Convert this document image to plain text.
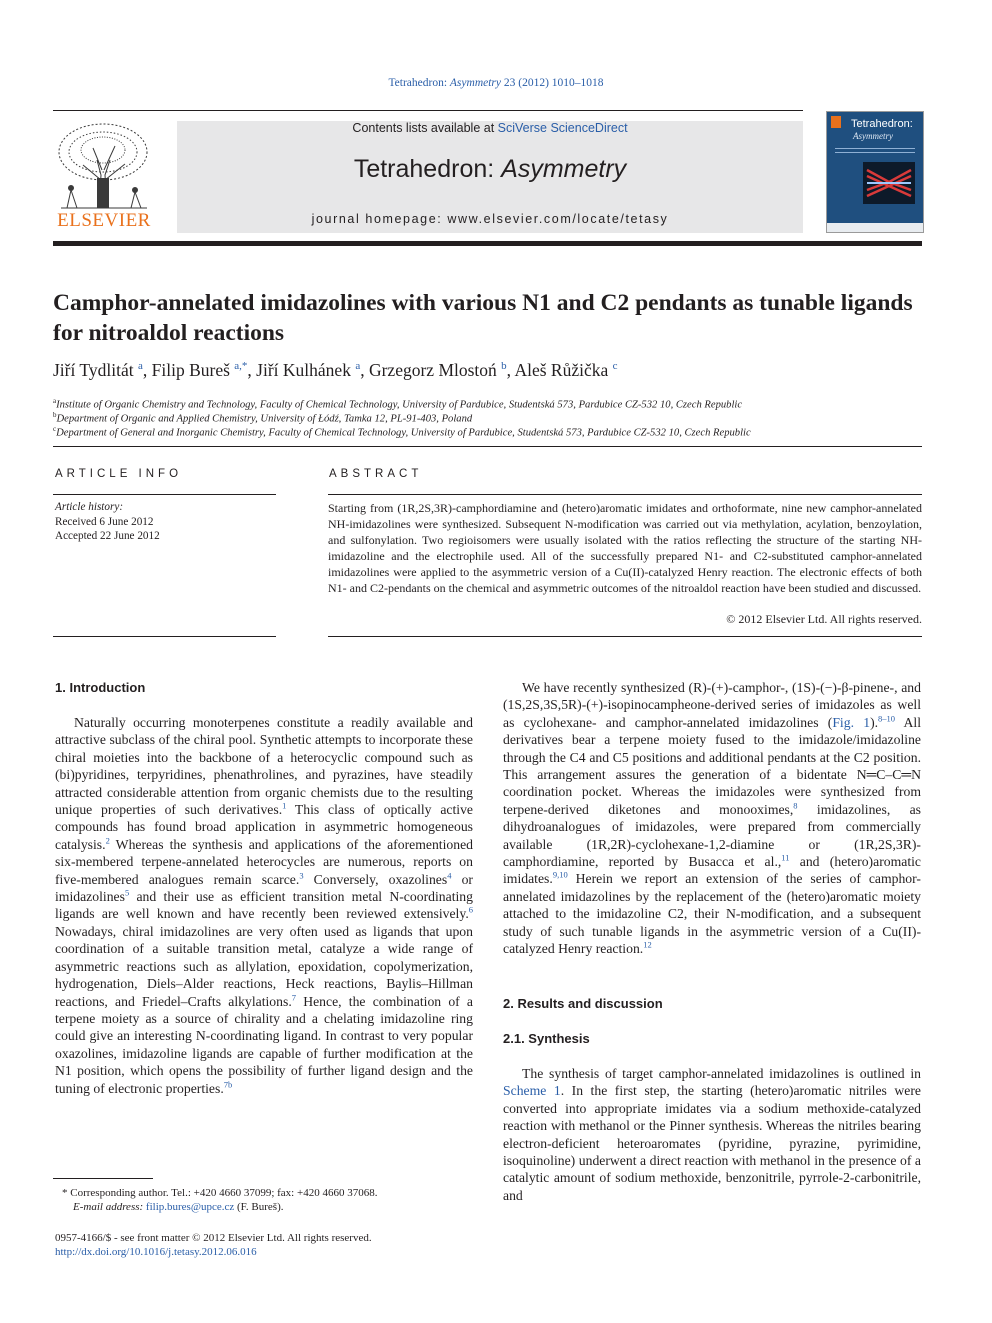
Tetrahedron: Asymmetry 23 (2012) 1010–1018
ELSEVIER
Contents lists available at SciVerse ScienceDirect
Tetrahedron: Asymmetry
journal homepage: www.elsevier.com/locate/tetasy
Tetrahedron:
Asymmetry
Camphor-annelated imidazolines with various N1 and C2 pendants as tunable ligands for nitroaldol reactions
Jiří Tydlitát $^a$, Filip Bureš $^{a,*}$, Jiří Kulhánek $^a$, Grzegorz Mlostoń $^b$, Aleš Růžička $^c$
$^a$Institute of Organic Chemistry and Technology, Faculty of Chemical Technology, University of Pardubice, Studentská 573, Pardubice CZ-532 10, Czech Republic
$^b$Department of Organic and Applied Chemistry, University of Łódź, Tamka 12, PL-91-403, Poland
$^c$Department of General and Inorganic Chemistry, Faculty of Chemical Technology, University of Pardubice, Studentská 573, Pardubice CZ-532 10, Czech Republic
ARTICLE INFO
Article history:
Received 6 June 2012
Accepted 22 June 2012
ABSTRACT
Starting from (1R,2S,3R)-camphordiamine and (hetero)aromatic imidates and orthoformate, nine new camphor-annelated NH-imidazolines were synthesized. Subsequent N-modification was carried out via methylation, acylation, benzoylation, and sulfonylation. Two regioisomers were usually isolated with the ratios reflecting the structure of the starting NH-imidazoline and the electrophile used. All of the successfully prepared N1- and C2-substituted camphor-annelated imidazolines were applied to the asymmetric version of a Cu(II)-catalyzed Henry reaction. The electronic effects of both N1- and C2-pendants on the chemical and asymmetric outcomes of the nitroaldol reaction have been studied and discussed.
© 2012 Elsevier Ltd. All rights reserved.
1. Introduction

Naturally occurring monoterpenes constitute a readily available and attractive subclass of the chiral pool. Synthetic attempts to incorporate these chiral moieties into the backbone of a heterocyclic compound such as (bi)pyridines, terpyridines, phenathrolines, and pyrazines, have steadily attracted considerable attention from organic chemists due to the resulting unique properties of such derivatives.$^1$ This class of optically active compounds has found broad application in asymmetric homogeneous catalysis.$^2$ Whereas the synthesis and applications of the aforementioned six-membered terpene-annelated heterocycles are numerous, reports on five-membered analogues remain scarce.$^3$ Conversely, oxazolines$^4$ or imidazolines$^5$ and their use as efficient transition metal N-coordinating ligands are well known and have recently been reviewed extensively.$^6$ Nowadays, chiral imidazolines are very often used as ligands that upon coordination of a suitable transition metal, catalyze a wide range of asymmetric reactions such as allylation, epoxidation, copolymerization, hydrogenation, Diels–Alder reactions, Heck reactions, Baylis–Hillman reactions, and Friedel–Crafts alkylations.$^7$ Hence, the combination of a terpene moiety as a source of chirality and a chelating imidazoline ring could give an interesting N-coordinating ligand. In contrast to very popular oxazolines, imidazoline ligands are capable of further modification at the N1 position, which opens the possibility of further ligand design and the tuning of electronic properties.$^{7b}$

* Corresponding author. Tel.: +420 4660 37099; fax: +420 4660 37068.
E-mail address: filip.bures@upce.cz (F. Bureš).
0957-4166/$ - see front matter © 2012 Elsevier Ltd. All rights reserved.
http://dx.doi.org/10.1016/j.tetasy.2012.06.016

We have recently synthesized (R)-(+)-camphor-, (1S)-(−)-β-pinene-, and (1S,2S,3S,5R)-(+)-isopinocampheone-derived series of imidazoles as well as cyclohexane- and camphor-annelated imidazolines (Fig. 1).$^{8-10}$ All derivatives bear a terpene moiety fused to the imidazole/imidazoline through the C4 and C5 positions and additional pendants at the C2 position. This arrangement assures the generation of a bidentate N═C–C═N coordination pocket. Whereas the imidazoles were synthesized from terpene-derived diketones and monooximes,$^8$ imidazolines, as dihydroanalogues of imidazoles, were prepared from commercially available (1R,2R)-cyclohexane-1,2-diamine or (1R,2S,3R)-camphordiamine, reported by Busacca et al.,$^{11}$ and (hetero)aromatic imidates.$^{9,10}$ Herein we report an extension of the series of camphor-annelated imidazolines by the replacement of the (hetero)aromatic moiety attached to the imidazoline C2, their N-modification, and a subsequent study of such tunable ligands in the asymmetric version of a Cu(II)-catalyzed Henry reaction.$^{12}$

2. Results and discussion
2.1. Synthesis

The synthesis of target camphor-annelated imidazolines is outlined in Scheme 1. In the first step, the starting (hetero)aromatic nitriles were converted into appropriate imidates via a sodium methoxide-catalyzed reaction with methanol or the Pinner synthesis. Whereas the nitriles bearing electron-deficient heteroaromates (pyridine, pyrazine, pyrimidine, isoquinoline) underwent a direct reaction with methanol in the presence of a catalytic amount of sodium methoxide, benzonitrile, pyrrole-2-carbonitrile, and
